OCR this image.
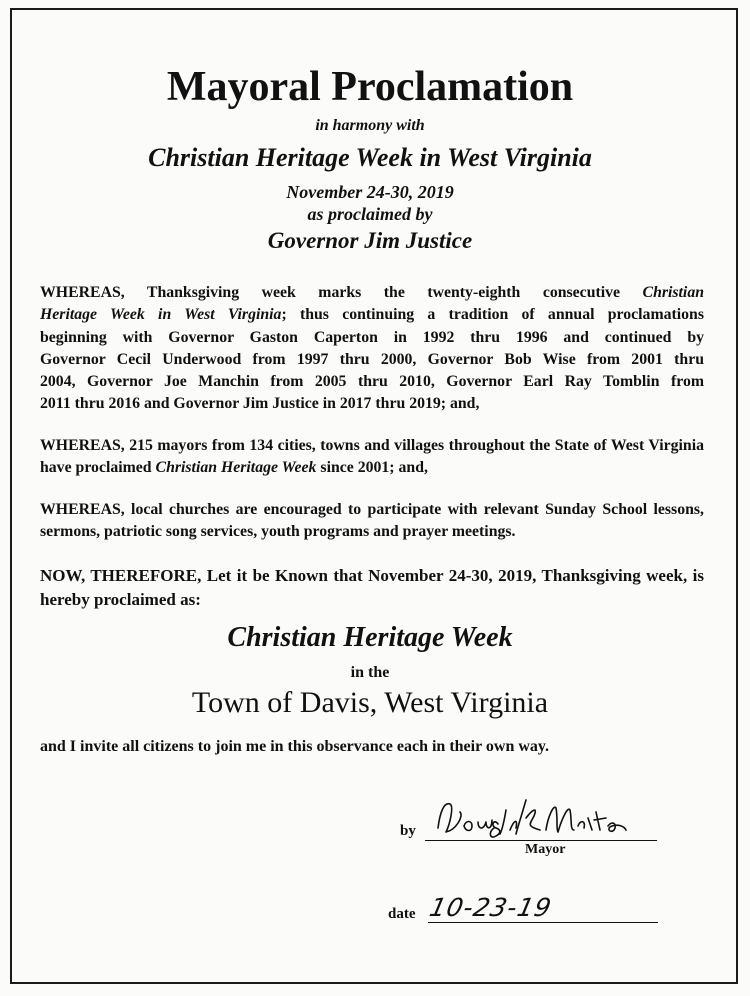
Mayoral Proclamation
in harmony with
Christian Heritage Week in West Virginia
November 24-30, 2019
as proclaimed by
Governor Jim Justice
WHEREAS, Thanksgiving week marks the twenty-eighth consecutive Christian
Heritage Week in West Virginia; thus continuing a tradition of annual proclamations
beginning with Governor Gaston Caperton in 1992 thru 1996 and continued by
Governor Cecil Underwood from 1997 thru 2000, Governor Bob Wise from 2001 thru
2004, Governor Joe Manchin from 2005 thru 2010, Governor Earl Ray Tomblin from
2011 thru 2016 and Governor Jim Justice in 2017 thru 2019; and,

WHEREAS, 215 mayors from 134 cities, towns and villages throughout the State of West Virginia have proclaimed Christian Heritage Week since 2001; and,

WHEREAS, local churches are encouraged to participate with relevant Sunday School lessons, sermons, patriotic song services, youth programs and prayer meetings.

NOW, THEREFORE, Let it be Known that November 24-30, 2019, Thanksgiving week, is hereby proclaimed as:

Christian Heritage Week
in the
Town of Davis, West Virginia
and I invite all citizens to join me in this observance each in their own way.
by
Mayor
date 10-23-19
